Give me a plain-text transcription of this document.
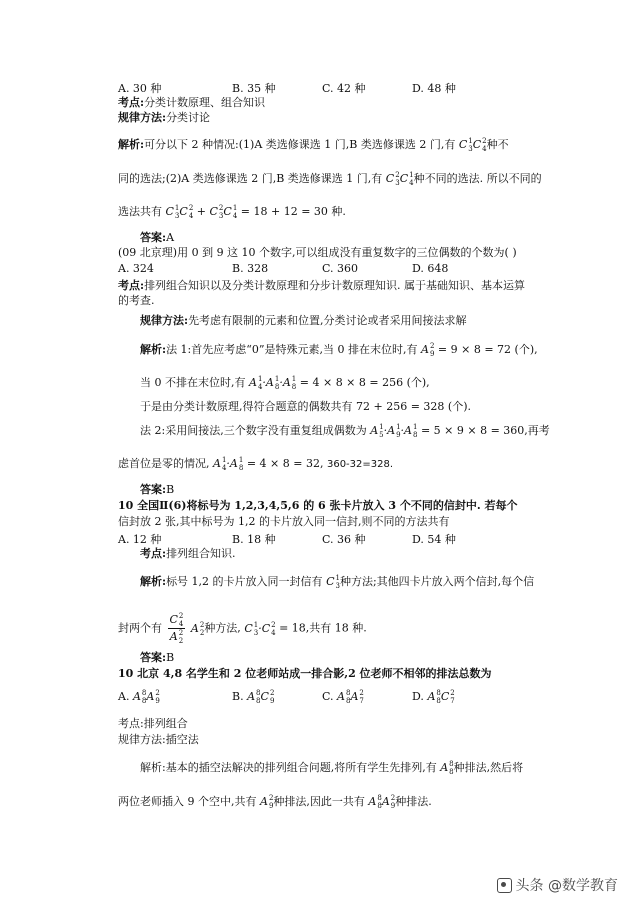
A. 30 种	B. 35 种	C. 42 种	D. 48 种
考点:分类计数原理、组合知识
规律方法:分类讨论
解析:可分以下 2 种情况:(1)A 类选修课选 1 门,B 类选修课选 2 门,有 C 1
3 C 2
4 种不
同的选法;(2)A 类选修课选 2 门,B 类选修课选 1 门,有 C 2
3 C 1
4 种不同的选法. 所以不同的
选法共有 C 1
3 C 2
4 + C 2
3 C 1
4 = 18 + 12 = 30 种.
答案:A
(09 北京理)用 0 到 9 这 10 个数字,可以组成没有重复数字的三位偶数的个数为( )
A. 324	B. 328	C. 360	D. 648
考点:排列组合知识以及分类计数原理和分步计数原理知识. 属于基础知识、基本运算
的考查.
规律方法:先考虑有限制的元素和位置,分类讨论或者采用间接法求解
解析:法 1:首先应考虑“0”是特殊元素,当 0 排在末位时,有 A 2
9 = 9 × 8 = 72 (个),
当 0 不排在末位时,有 A 1
4 ·A 1
8 ·A 1
8 = 4 × 8 × 8 = 256 (个),
于是由分类计数原理,得符合题意的偶数共有 72 + 256 = 328 (个).
法 2:采用间接法,三个数字没有重复组成偶数为 A 1
5 ·A 1
9 ·A 1
8 = 5 × 9 × 8 = 360,再考
虑首位是零的情况, A 1
4 ·A 1
8 = 4 × 8 = 32, 360-32=328.
答案:B
10 全国Ⅱ(6)将标号为 1,2,3,4,5,6 的 6 张卡片放入 3 个不同的信封中. 若每个
信封放 2 张,其中标号为 1,2 的卡片放入同一信封,则不同的方法共有
A. 12 种	B. 18 种	C. 36 种	D. 54 种
考点:排列组合知识.
解析:标号 1,2 的卡片放入同一封信有 C 1
3 种方法;其他四卡片放入两个信封,每个信
封两个有 C 2
4
A 2
2 A 2
2 种方法, C 1
3 ·C 2
4 = 18,共有 18 种.
答案:B
10 北京 4,8 名学生和 2 位老师站成一排合影,2 位老师不相邻的排法总数为
A. A 8
8 A 2
9	B. A 8
8 C 2
9	C. A 8
8 A 2
7	D. A 8
8 C 2
7
考点:排列组合
规律方法:插空法
解析:基本的插空法解决的排列组合问题,将所有学生先排列,有 A 8
8 种排法,然后将
两位老师插入 9 个空中,共有 A 2
9 种排法,因此一共有 A 8
8 A 2
9 种排法.
头条 @数学教育
